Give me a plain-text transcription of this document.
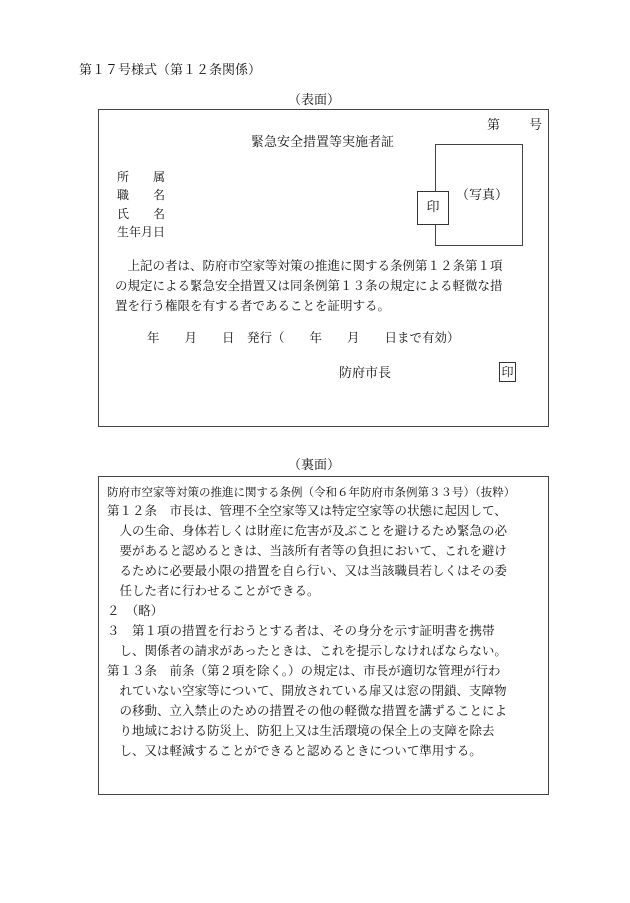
第１７号様式（第１２条関係）
（表面）
第 号
緊急安全措置等実施者証
所　　属
職　　名
氏　　名
生年月日
（写真）
印
　上記の者は、防府市空家等対策の推進に関する条例第１２条第１項
の規定による緊急安全措置又は同条例第１３条の規定による軽微な措
置を行う権限を有する者であることを証明する。
年　　月　　日　発行（　　年　　月　　日まで有効）
防府市長	印
（裏面）
防府市空家等対策の推進に関する条例（令和６年防府市条例第３３号）（抜粋）
第１２条　市長は、管理不全空家等又は特定空家等の状態に起因して、
　人の生命、身体若しくは財産に危害が及ぶことを避けるため緊急の必
　要があると認めるときは、当該所有者等の負担において、これを避け
　るために必要最小限の措置を自ら行い、又は当該職員若しくはその委
　任した者に行わせることができる。
２　（略）
３　第１項の措置を行おうとする者は、その身分を示す証明書を携帯
　し、関係者の請求があったときは、これを提示しなければならない。
第１３条　前条（第２項を除く。）の規定は、市長が適切な管理が行わ
　れていない空家等について、開放されている扉又は窓の閉鎖、支障物
　の移動、立入禁止のための措置その他の軽微な措置を講ずることによ
　り地域における防災上、防犯上又は生活環境の保全上の支障を除去
　し、又は軽減することができると認めるときについて準用する。
